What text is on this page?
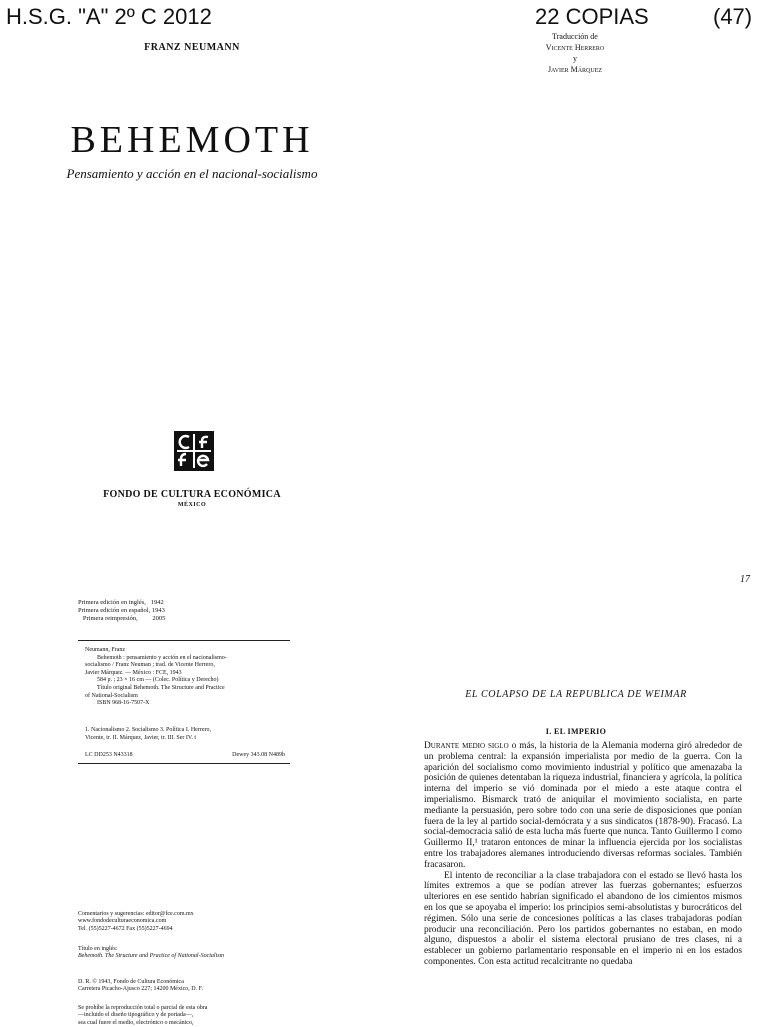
H.S.G. "A" 2º C 2012	22 COPIAS	(47)
Traducción de
Vicente Herrero
y
Javier Márquez
FRANZ NEUMANN
BEHEMOTH
Pensamiento y acción en el nacional-socialismo
FONDO DE CULTURA ECONÓMICA
MÉXICO
Primera edición en inglés,   1942
Primera edición en español, 1943
Primera reimpresión,         2005
Neumann, Franz
Behemoth : pensamiento y acción en el nacionalismo-
socialismo / Franz Neuman ; trad. de Vicente Herrero,
Javier Márquez. — México : FCE, 1943
584 p. ; 23 × 16 cm — (Colec. Política y Derecho)
Título original Behemoth. The Structure and Practice
of National-Socialism
ISBN 968-16-7507-X
1. Nacionalismo 2. Socialismo 3. Política I. Herrero,
Vicente, tr. II. Márquez, Javier, tr. III. Ser IV. t
LC DD253 N43318	Dewey 343.08 N489b
Comentarios y sugerencias: editor@fce.com.mx
www.fondodeculturaeconomica.com
Tel. (55)5227-4672 Fax (55)5227-4694
Título en inglés:
Behemoth. The Structure and Practice of National-Socialism
D. R. © 1943, Fondo de Cultura Económica
Carretera Picacho-Ajusco 227; 14200 México, D. F.
Se prohíbe la reproducción total o parcial de esta obra
—incluido el diseño tipográfico y de portada—,
sea cual fuere el medio, electrónico o mecánico,
17
EL COLAPSO DE LA REPUBLICA DE WEIMAR
I. EL IMPERIO

Durante medio siglo o más, la historia de la Alemania moderna giró alrededor de un problema central: la expansión imperialista por medio de la guerra. Con la aparición del socialismo como movimiento industrial y político que amenazaba la posición de quienes detentaban la riqueza industrial, financiera y agrícola, la política interna del imperio se vió dominada por el miedo a este ataque contra el imperialismo. Bismarck trató de aniquilar el movimiento socialista, en parte mediante la persuasión, pero sobre todo con una serie de disposiciones que ponían fuera de la ley al partido social-demócrata y a sus sindicatos (1878-90). Fracasó. La social-democracia salió de esta lucha más fuerte que nunca. Tanto Guillermo I como Guillermo II,¹ trataron entonces de minar la influencia ejercida por los socialistas entre los trabajadores alemanes introduciendo diversas reformas sociales. También fracasaron.

El intento de reconciliar a la clase trabajadora con el estado se llevó hasta los límites extremos a que se podían atrever las fuerzas gobernantes; esfuerzos ulteriores en ese sentido habrían significado el abandono de los cimientos mismos en los que se apoyaba el imperio: los principios semi-absolutistas y burocráticos del régimen. Sólo una serie de concesiones políticas a las clases trabajadoras podían producir una reconciliación. Pero los partidos gobernantes no estaban, en modo alguno, dispuestos a abolir el sistema electoral prusiano de tres clases, ni a establecer un gobierno parlamentario responsable en el imperio ni en los estados componentes. Con esta actitud recalcitrante no quedaba
